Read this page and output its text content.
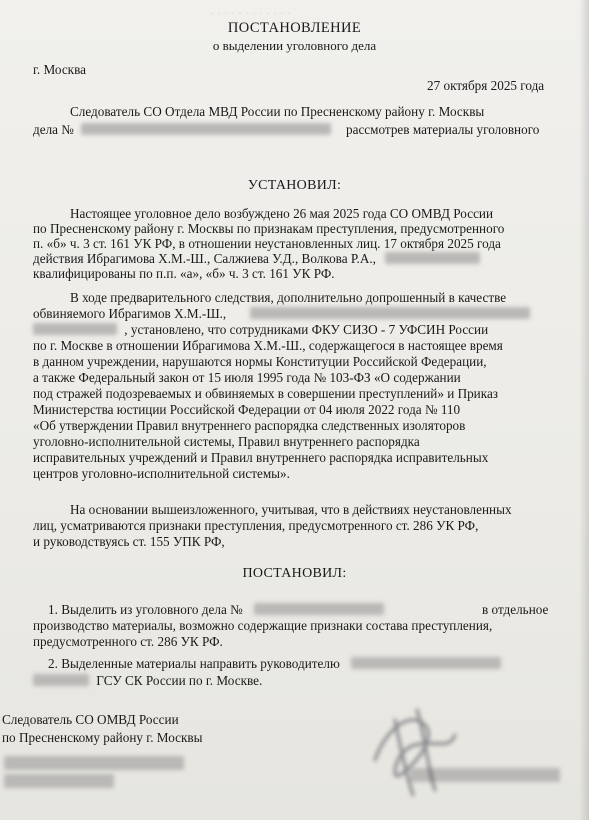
· · · · · · · · · · · ·
ПОСТАНОВЛЕНИЕ
о выделении уголовного дела
г. Москва
27 октября 2025 года
Следователь СО Отдела МВД России по Пресненскому району г. Москвы
дела №	рассмотрев материалы уголовного
УСТАНОВИЛ:
Настоящее уголовное дело возбуждено 26 мая 2025 года СО ОМВД России
по Пресненскому району г. Москвы по признакам преступления, предусмотренного
п. «б» ч. 3 ст. 161 УК РФ, в отношении неустановленных лиц. 17 октября 2025 года
действия Ибрагимова Х.М.-Ш., Салжиева У.Д., Волкова Р.А.,
квалифицированы по п.п. «а», «б» ч. 3 ст. 161 УК РФ.
В ходе предварительного следствия, дополнительно допрошенный в качестве
обвиняемого Ибрагимов Х.М.-Ш.,
, установлено, что сотрудниками ФКУ СИЗО - 7 УФСИН России
по г. Москве в отношении Ибрагимова Х.М.-Ш., содержащегося в настоящее время
в данном учреждении, нарушаются нормы Конституции Российской Федерации,
а также Федеральный закон от 15 июля 1995 года № 103-ФЗ «О содержании
под стражей подозреваемых и обвиняемых в совершении преступлений» и Приказ
Министерства юстиции Российской Федерации от 04 июля 2022 года № 110
«Об утверждении Правил внутреннего распорядка следственных изоляторов
уголовно-исполнительной системы, Правил внутреннего распорядка
исправительных учреждений и Правил внутреннего распорядка исправительных
центров уголовно-исполнительной системы».
На основании вышеизложенного, учитывая, что в действиях неустановленных
лиц, усматриваются признаки преступления, предусмотренного ст. 286 УК РФ,
и руководствуясь ст. 155 УПК РФ,
ПОСТАНОВИЛ:
1. Выделить из уголовного дела №	в отдельное
производство материалы, возможно содержащие признаки состава преступления,
предусмотренного ст. 286 УК РФ.
2. Выделенные материалы направить руководителю
ГСУ СК России по г. Москве.
Следователь СО ОМВД России
по Пресненскому району г. Москвы
